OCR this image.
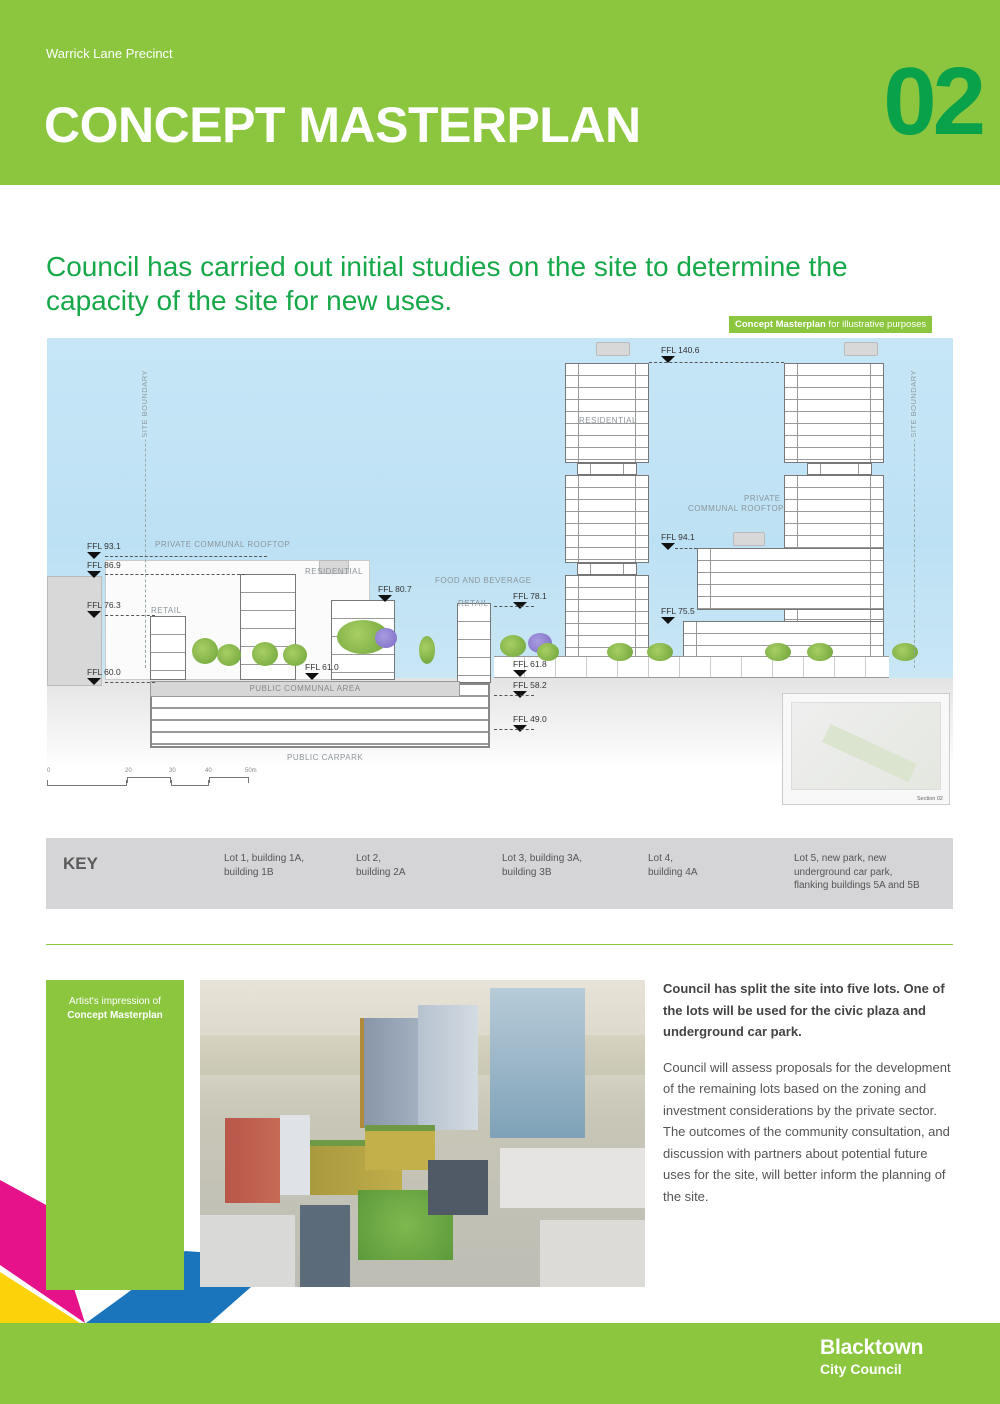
Warrick Lane Precinct
CONCEPT MASTERPLAN	02
Council has carried out initial studies on the site to determine the capacity of the site for new uses.
Concept Masterplan for illustrative purposes
PUBLIC COMMUNAL AREA
PUBLIC CARPARK
SITE BOUNDARY	SITE BOUNDARY
PRIVATE COMMUNAL ROOFTOP
RESIDENTIAL
RETAIL
FOOD AND BEVERAGE
RETAIL
RESIDENTIAL
PRIVATE
COMMUNAL ROOFTOP
FFL 93.1
FFL 86.9
FFL 76.3
FFL 60.0
FFL 80.7
FFL 61.0
FFL 78.1
FFL 61.8
FFL 58.2
FFL 49.0
FFL 140.6
FFL 94.1
FFL 75.5
0	20	30	40	50m
Section 02
KEY	Lot 1, building 1A,
building 1B
Lot 2,
building 2A
Lot 3, building 3A,
building 3B
Lot 4,
building 4A
Lot 5, new park, new
underground car park,
flanking buildings 5A and 5B
Artist's impression of
Concept Masterplan
Council has split the site into five lots. One of the lots will be used for the civic plaza and underground car park.
Council will assess proposals for the development of the remaining lots based on the zoning and investment considerations by the private sector. The outcomes of the community consultation, and discussion with partners about potential future uses for the site, will better inform the planning of the site.
Blacktown
City Council
